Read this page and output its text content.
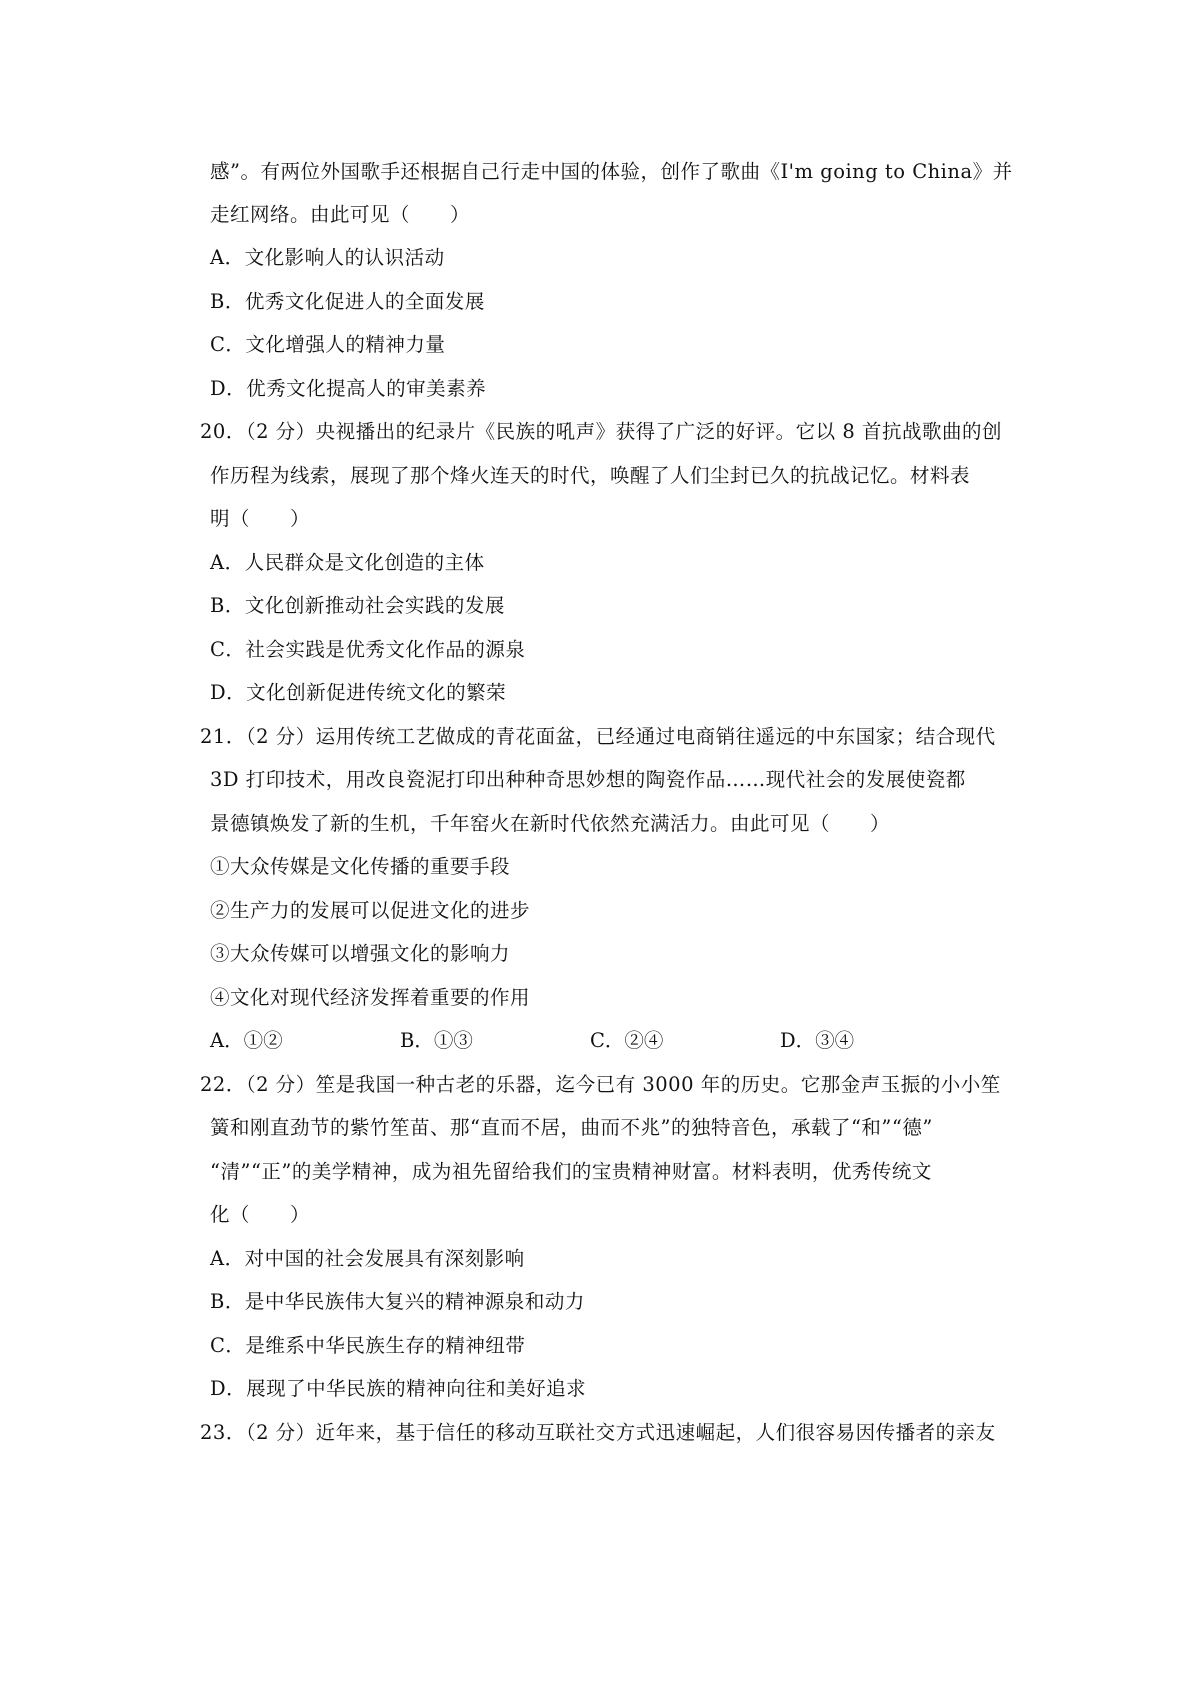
感”。有两位外国歌手还根据自己行走中国的体验，创作了歌曲《I'm going to China》并
走红网络。由此可见（　　）
A．文化影响人的认识活动
B．优秀文化促进人的全面发展
C．文化增强人的精神力量
D．优秀文化提高人的审美素养
20．（2 分）央视播出的纪录片《民族的吼声》获得了广泛的好评。它以 8 首抗战歌曲的创
作历程为线索，展现了那个烽火连天的时代，唤醒了人们尘封已久的抗战记忆。材料表
明（　　）
A．人民群众是文化创造的主体
B．文化创新推动社会实践的发展
C．社会实践是优秀文化作品的源泉
D．文化创新促进传统文化的繁荣
21．（2 分）运用传统工艺做成的青花面盆，已经通过电商销往遥远的中东国家；结合现代
3D 打印技术，用改良瓷泥打印出种种奇思妙想的陶瓷作品……现代社会的发展使瓷都
景德镇焕发了新的生机，千年窑火在新时代依然充满活力。由此可见（　　）
①大众传媒是文化传播的重要手段
②生产力的发展可以促进文化的进步
③大众传媒可以增强文化的影响力
④文化对现代经济发挥着重要的作用
A．①②	B．①③	C．②④	D．③④
22．（2 分）笙是我国一种古老的乐器，迄今已有 3000 年的历史。它那金声玉振的小小笙
簧和刚直劲节的紫竹笙苗、那“直而不居，曲而不兆”的独特音色，承载了“和”“德”
“清”“正”的美学精神，成为祖先留给我们的宝贵精神财富。材料表明，优秀传统文
化（　　）
A．对中国的社会发展具有深刻影响
B．是中华民族伟大复兴的精神源泉和动力
C．是维系中华民族生存的精神纽带
D．展现了中华民族的精神向往和美好追求
23．（2 分）近年来，基于信任的移动互联社交方式迅速崛起，人们很容易因传播者的亲友
